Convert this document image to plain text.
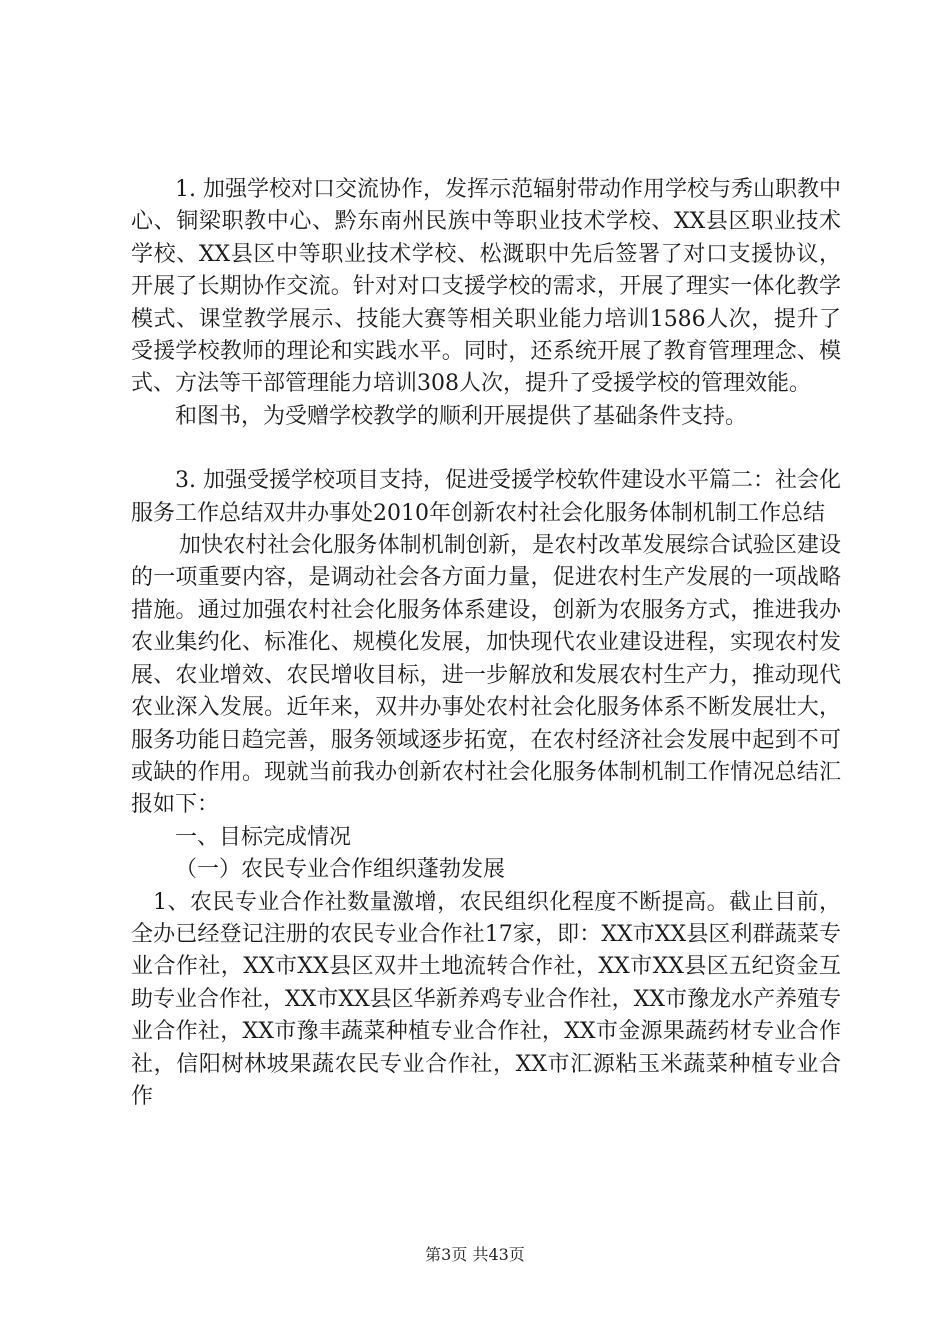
1. 加强学校对口交流协作，发挥示范辐射带动作用学校与秀山职教中心、铜梁职教中心、黔东南州民族中等职业技术学校、XX县区职业技术学校、XX县区中等职业技术学校、松溉职中先后签署了对口支援协议，开展了长期协作交流。针对对口支援学校的需求，开展了理实一体化教学模式、课堂教学展示、技能大赛等相关职业能力培训1586人次，提升了受援学校教师的理论和实践水平。同时，还系统开展了教育管理理念、模式、方法等干部管理能力培训308人次，提升了受援学校的管理效能。

和图书，为受赠学校教学的顺利开展提供了基础条件支持。

3. 加强受援学校项目支持，促进受援学校软件建设水平篇二：社会化服务工作总结双井办事处2010年创新农村社会化服务体制机制工作总结

加快农村社会化服务体制机制创新，是农村改革发展综合试验区建设的一项重要内容，是调动社会各方面力量，促进农村生产发展的一项战略措施。通过加强农村社会化服务体系建设，创新为农服务方式，推进我办农业集约化、标准化、规模化发展，加快现代农业建设进程，实现农村发展、农业增效、农民增收目标，进一步解放和发展农村生产力，推动现代农业深入发展。近年来，双井办事处农村社会化服务体系不断发展壮大，服务功能日趋完善，服务领域逐步拓宽，在农村经济社会发展中起到不可或缺的作用。现就当前我办创新农村社会化服务体制机制工作情况总结汇报如下：

一、目标完成情况

（一）农民专业合作组织蓬勃发展

1、农民专业合作社数量激增，农民组织化程度不断提高。截止目前，全办已经登记注册的农民专业合作社17家，即：XX市XX县区利群蔬菜专业合作社，XX市XX县区双井土地流转合作社，XX市XX县区五纪资金互助专业合作社，XX市XX县区华新养鸡专业合作社，XX市豫龙水产养殖专业合作社，XX市豫丰蔬菜种植专业合作社，XX市金源果蔬药材专业合作社，信阳树林坡果蔬农民专业合作社，XX市汇源粘玉米蔬菜种植专业合作

第3页 共43页
